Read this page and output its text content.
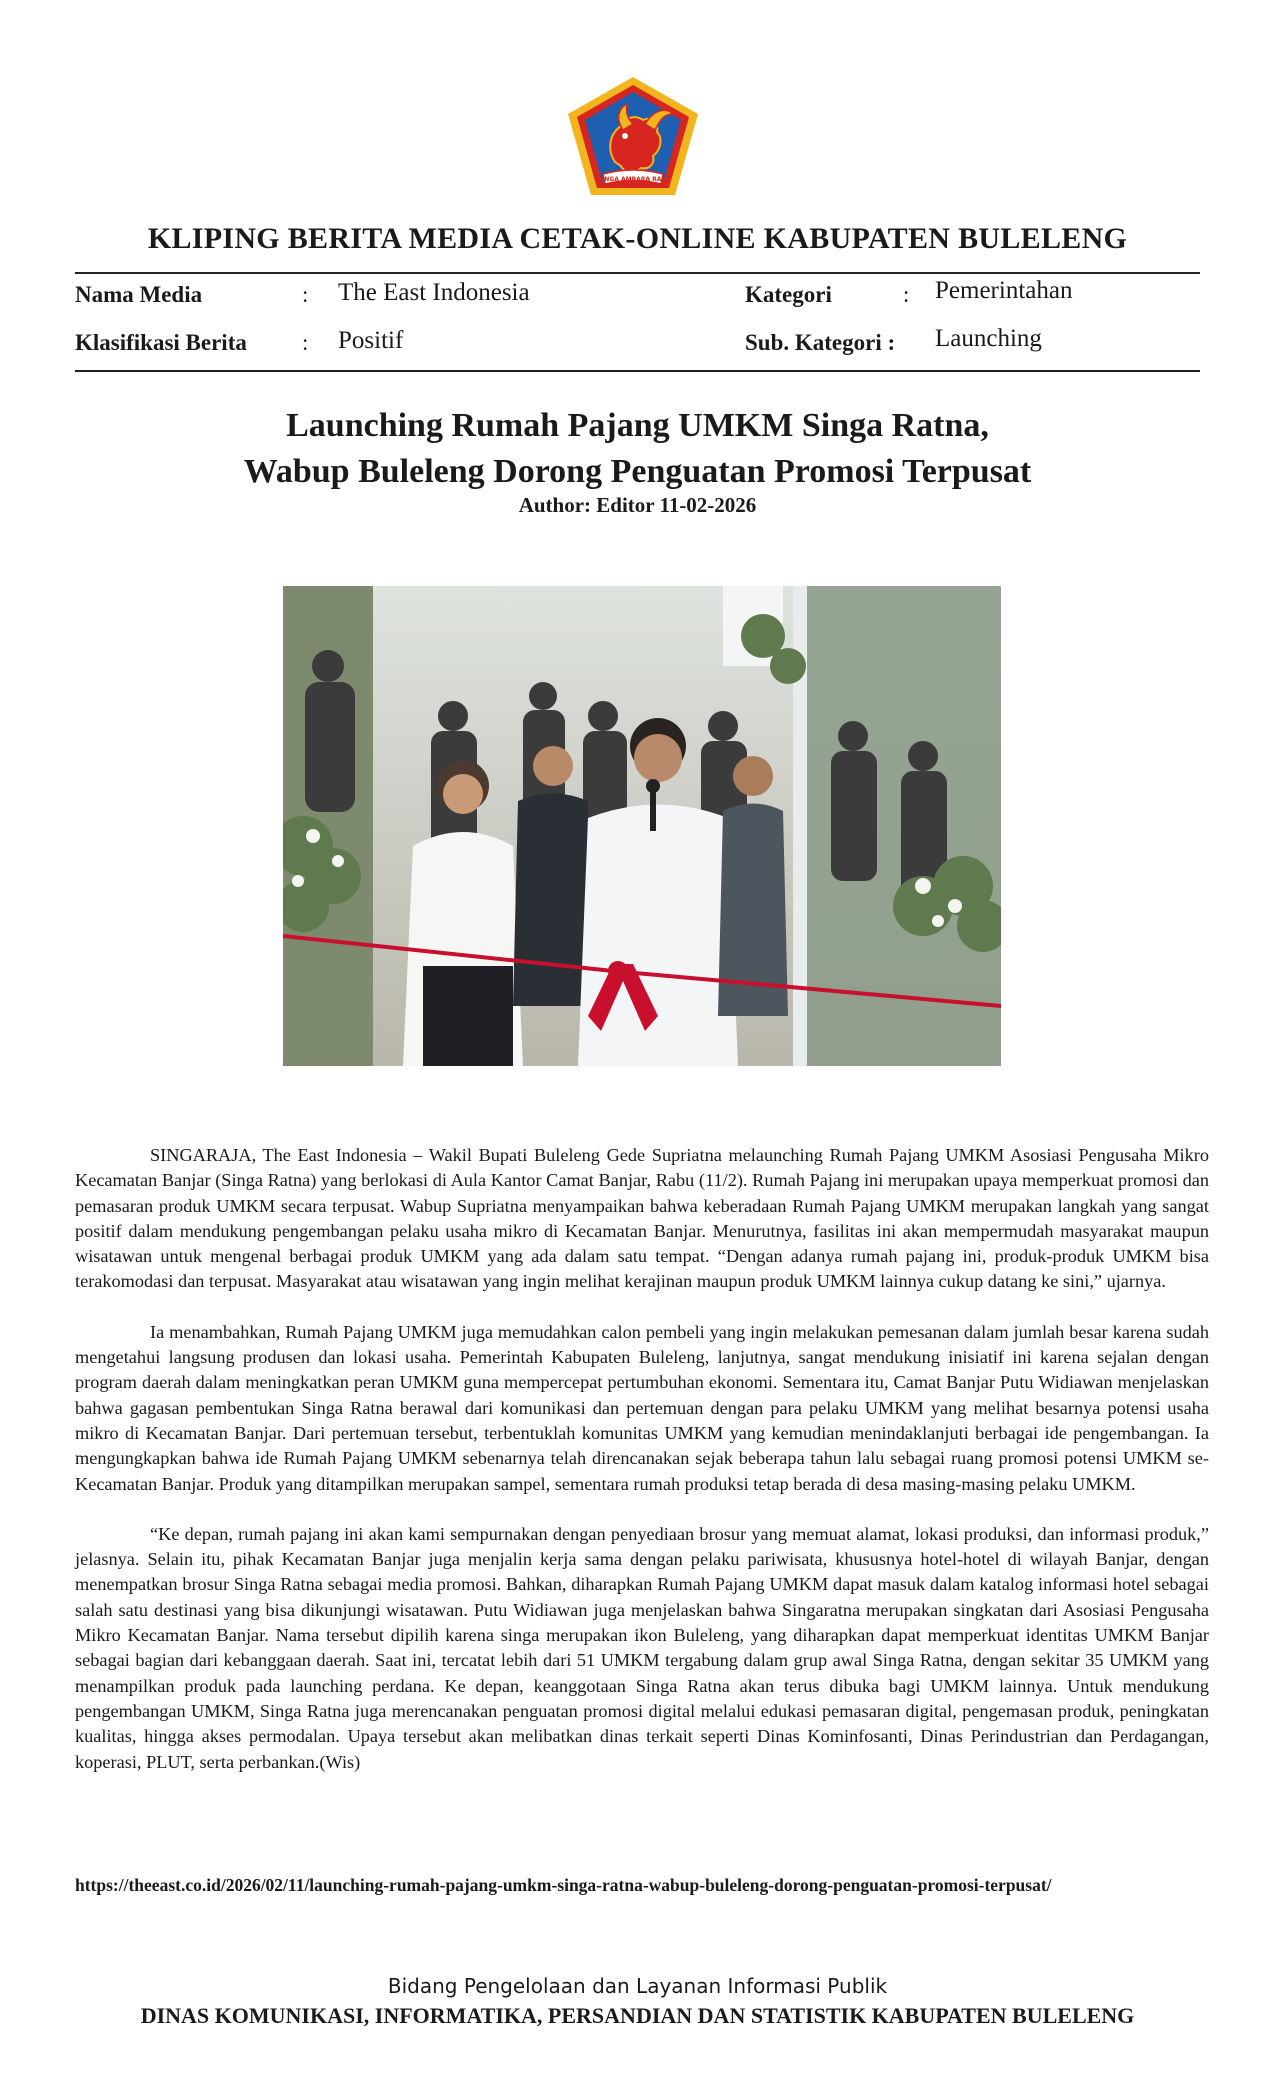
SINGA AMBARA RAJA
KLIPING BERITA MEDIA CETAK-ONLINE KABUPATEN BULELENG
Nama Media	: The East Indonesia
Klasifikasi Berita : Positif
Kategori	: Pemerintahan
Sub. Kategori : Launching
Launching Rumah Pajang UMKM Singa Ratna,
Wabup Buleleng Dorong Penguatan Promosi Terpusat
Author: Editor 11-02-2026

SINGARAJA, The East Indonesia – Wakil Bupati Buleleng Gede Supriatna melaunching Rumah Pajang UMKM Asosiasi Pengusaha Mikro Kecamatan Banjar (Singa Ratna) yang berlokasi di Aula Kantor Camat Banjar, Rabu (11/2). Rumah Pajang ini merupakan upaya memperkuat promosi dan pemasaran produk UMKM secara terpusat. Wabup Supriatna menyampaikan bahwa keberadaan Rumah Pajang UMKM merupakan langkah yang sangat positif dalam mendukung pengembangan pelaku usaha mikro di Kecamatan Banjar. Menurutnya, fasilitas ini akan mempermudah masyarakat maupun wisatawan untuk mengenal berbagai produk UMKM yang ada dalam satu tempat. “Dengan adanya rumah pajang ini, produk-produk UMKM bisa terakomodasi dan terpusat. Masyarakat atau wisatawan yang ingin melihat kerajinan maupun produk UMKM lainnya cukup datang ke sini,” ujarnya.

Ia menambahkan, Rumah Pajang UMKM juga memudahkan calon pembeli yang ingin melakukan pemesanan dalam jumlah besar karena sudah mengetahui langsung produsen dan lokasi usaha. Pemerintah Kabupaten Buleleng, lanjutnya, sangat mendukung inisiatif ini karena sejalan dengan program daerah dalam meningkatkan peran UMKM guna mempercepat pertumbuhan ekonomi. Sementara itu, Camat Banjar Putu Widiawan menjelaskan bahwa gagasan pembentukan Singa Ratna berawal dari komunikasi dan pertemuan dengan para pelaku UMKM yang melihat besarnya potensi usaha mikro di Kecamatan Banjar. Dari pertemuan tersebut, terbentuklah komunitas UMKM yang kemudian menindaklanjuti berbagai ide pengembangan. Ia mengungkapkan bahwa ide Rumah Pajang UMKM sebenarnya telah direncanakan sejak beberapa tahun lalu sebagai ruang promosi potensi UMKM se-Kecamatan Banjar. Produk yang ditampilkan merupakan sampel, sementara rumah produksi tetap berada di desa masing-masing pelaku UMKM.

“Ke depan, rumah pajang ini akan kami sempurnakan dengan penyediaan brosur yang memuat alamat, lokasi produksi, dan informasi produk,” jelasnya. Selain itu, pihak Kecamatan Banjar juga menjalin kerja sama dengan pelaku pariwisata, khususnya hotel-hotel di wilayah Banjar, dengan menempatkan brosur Singa Ratna sebagai media promosi. Bahkan, diharapkan Rumah Pajang UMKM dapat masuk dalam katalog informasi hotel sebagai salah satu destinasi yang bisa dikunjungi wisatawan. Putu Widiawan juga menjelaskan bahwa Singaratna merupakan singkatan dari Asosiasi Pengusaha Mikro Kecamatan Banjar. Nama tersebut dipilih karena singa merupakan ikon Buleleng, yang diharapkan dapat memperkuat identitas UMKM Banjar sebagai bagian dari kebanggaan daerah. Saat ini, tercatat lebih dari 51 UMKM tergabung dalam grup awal Singa Ratna, dengan sekitar 35 UMKM yang menampilkan produk pada launching perdana. Ke depan, keanggotaan Singa Ratna akan terus dibuka bagi UMKM lainnya. Untuk mendukung pengembangan UMKM, Singa Ratna juga merencanakan penguatan promosi digital melalui edukasi pemasaran digital, pengemasan produk, peningkatan kualitas, hingga akses permodalan. Upaya tersebut akan melibatkan dinas terkait seperti Dinas Kominfosanti, Dinas Perindustrian dan Perdagangan, koperasi, PLUT, serta perbankan.(Wis)

https://theeast.co.id/2026/02/11/launching-rumah-pajang-umkm-singa-ratna-wabup-buleleng-dorong-penguatan-promosi-terpusat/
Bidang Pengelolaan dan Layanan Informasi Publik
DINAS KOMUNIKASI, INFORMATIKA, PERSANDIAN DAN STATISTIK KABUPATEN BULELENG
